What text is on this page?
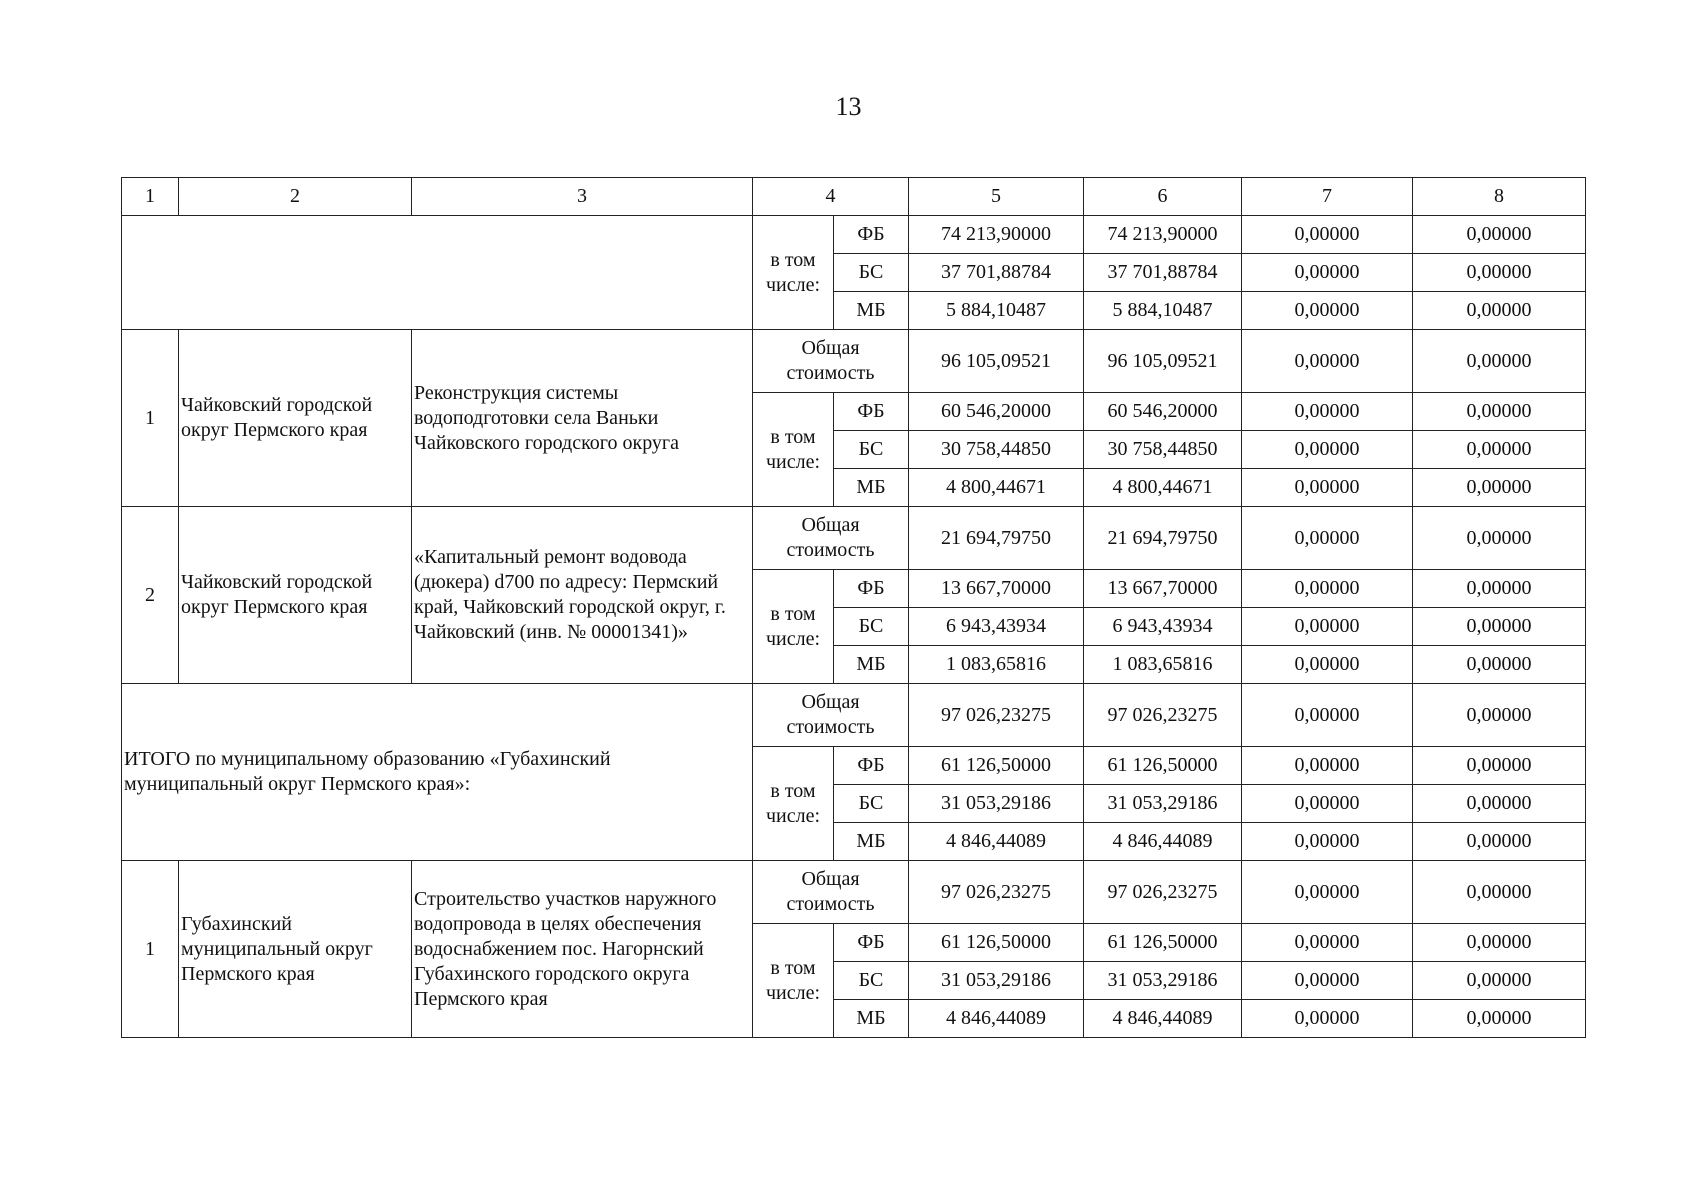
13
1	2	3	4		5	6	7	8
			в том числе:	ФБ	74 213,90000	74 213,90000	0,00000	0,00000
				БС	37 701,88784	37 701,88784	0,00000	0,00000
				МБ	5 884,10487	5 884,10487	0,00000	0,00000
1	Чайковский городской округ Пермского края	Реконструкция системы водоподготовки села Ваньки Чайковского городского округа	Общая стоимость		96 105,09521	96 105,09521	0,00000	0,00000
			в том числе:	ФБ	60 546,20000	60 546,20000	0,00000	0,00000
				БС	30 758,44850	30 758,44850	0,00000	0,00000
				МБ	4 800,44671	4 800,44671	0,00000	0,00000
2	Чайковский городской округ Пермского края	«Капитальный ремонт водовода (дюкера) d700 по адресу: Пермский край, Чайковский городской округ, г. Чайковский (инв. № 00001341)»	Общая стоимость		21 694,79750	21 694,79750	0,00000	0,00000
			в том числе:	ФБ	13 667,70000	13 667,70000	0,00000	0,00000
				БС	6 943,43934	6 943,43934	0,00000	0,00000
				МБ	1 083,65816	1 083,65816	0,00000	0,00000
ИТОГО по муниципальному образованию «Губахинский муниципальный округ Пермского края»:			Общая стоимость		97 026,23275	97 026,23275	0,00000	0,00000
			в том числе:	ФБ	61 126,50000	61 126,50000	0,00000	0,00000
				БС	31 053,29186	31 053,29186	0,00000	0,00000
				МБ	4 846,44089	4 846,44089	0,00000	0,00000
1	Губахинский муниципальный округ Пермского края	Строительство участков наружного водопровода в целях обеспечения водоснабжением пос. Нагорнский Губахинского городского округа Пермского края	Общая стоимость		97 026,23275	97 026,23275	0,00000	0,00000
			в том числе:	ФБ	61 126,50000	61 126,50000	0,00000	0,00000
				БС	31 053,29186	31 053,29186	0,00000	0,00000
				МБ	4 846,44089	4 846,44089	0,00000	0,00000
